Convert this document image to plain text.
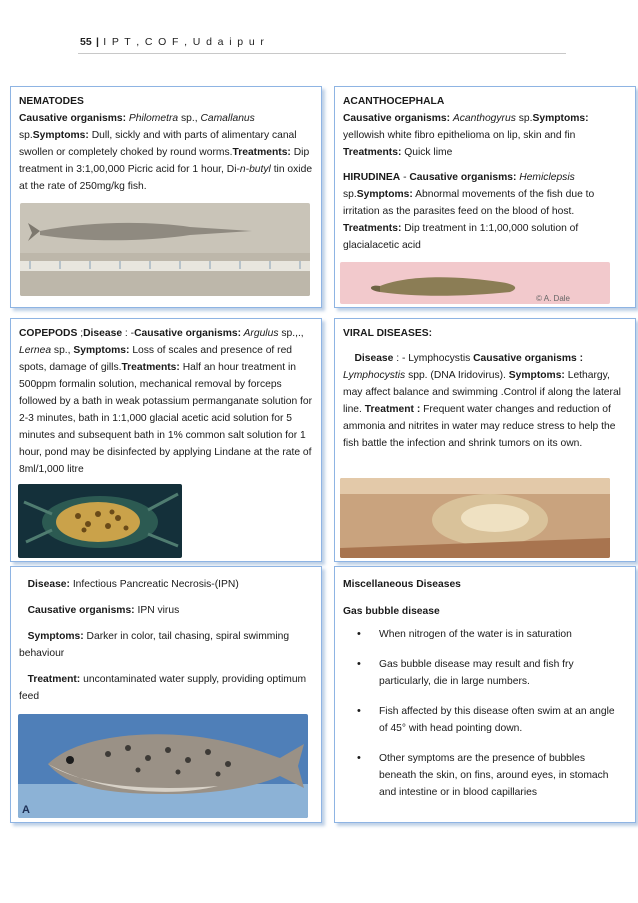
55 | I P T , C O F , U d a i p u r

NEMATODES

Causative organisms: Philometra sp., Camallanus sp.Symptoms: Dull, sickly and with parts of alimentary canal swollen or completely choked by round worms.Treatments: Dip treatment in 3:1,00,000 Picric acid for 1 hour, Di-n-butyl tin oxide at the rate of 250mg/kg fish.

ACANTHOCEPHALA

Causative organisms: Acanthogyrus sp.Symptoms: yellowish white fibro epithelioma on lip, skin and fin Treatments: Quick lime

HIRUDINEA - Causative organisms: Hemiclepsis sp.Symptoms: Abnormal movements of the fish due to irritation as the parasites feed on the blood of host. Treatments: Dip treatment in 1:1,00,000 solution of glacialacetic acid

© A. Dale

COPEPODS ;Disease : -Causative organisms: Argulus sp.,., Lernea sp., Symptoms: Loss of scales and presence of red spots, damage of gills.Treatments: Half an hour treatment in 500ppm formalin solution, mechanical removal by forceps followed by a bath in weak potassium permanganate solution for 2-3 minutes, bath in 1:1,000 glacial acetic acid solution for 5 minutes and subsequent bath in 1% common salt solution for 1 hour, pond may be disinfected by applying Lindane at the rate of 8ml/1,000 litre

VIRAL DISEASES:

Disease : - Lymphocystis Causative organisms : Lymphocystis spp. (DNA Iridovirus). Symptoms: Lethargy, may affect balance and swimming .Control if along the lateral line. Treatment : Frequent water changes and reduction of ammonia and nitrites in water may reduce stress to help the fish battle the infection and shrink tumors on its own.

Disease: Infectious Pancreatic Necrosis-(IPN)

Causative organisms: IPN virus

Symptoms: Darker in color, tail chasing, spiral swimming behaviour

Treatment: uncontaminated water supply, providing optimum feed

A

Miscellaneous Diseases

Gas bubble disease

• When nitrogen of the water is in saturation
• Gas bubble disease may result and fish fry particularly, die in large numbers.
• Fish affected by this disease often swim at an angle of 45° with head pointing down.
• Other symptoms are the presence of bubbles beneath the skin, on fins, around eyes, in stomach and intestine or in blood capillaries
